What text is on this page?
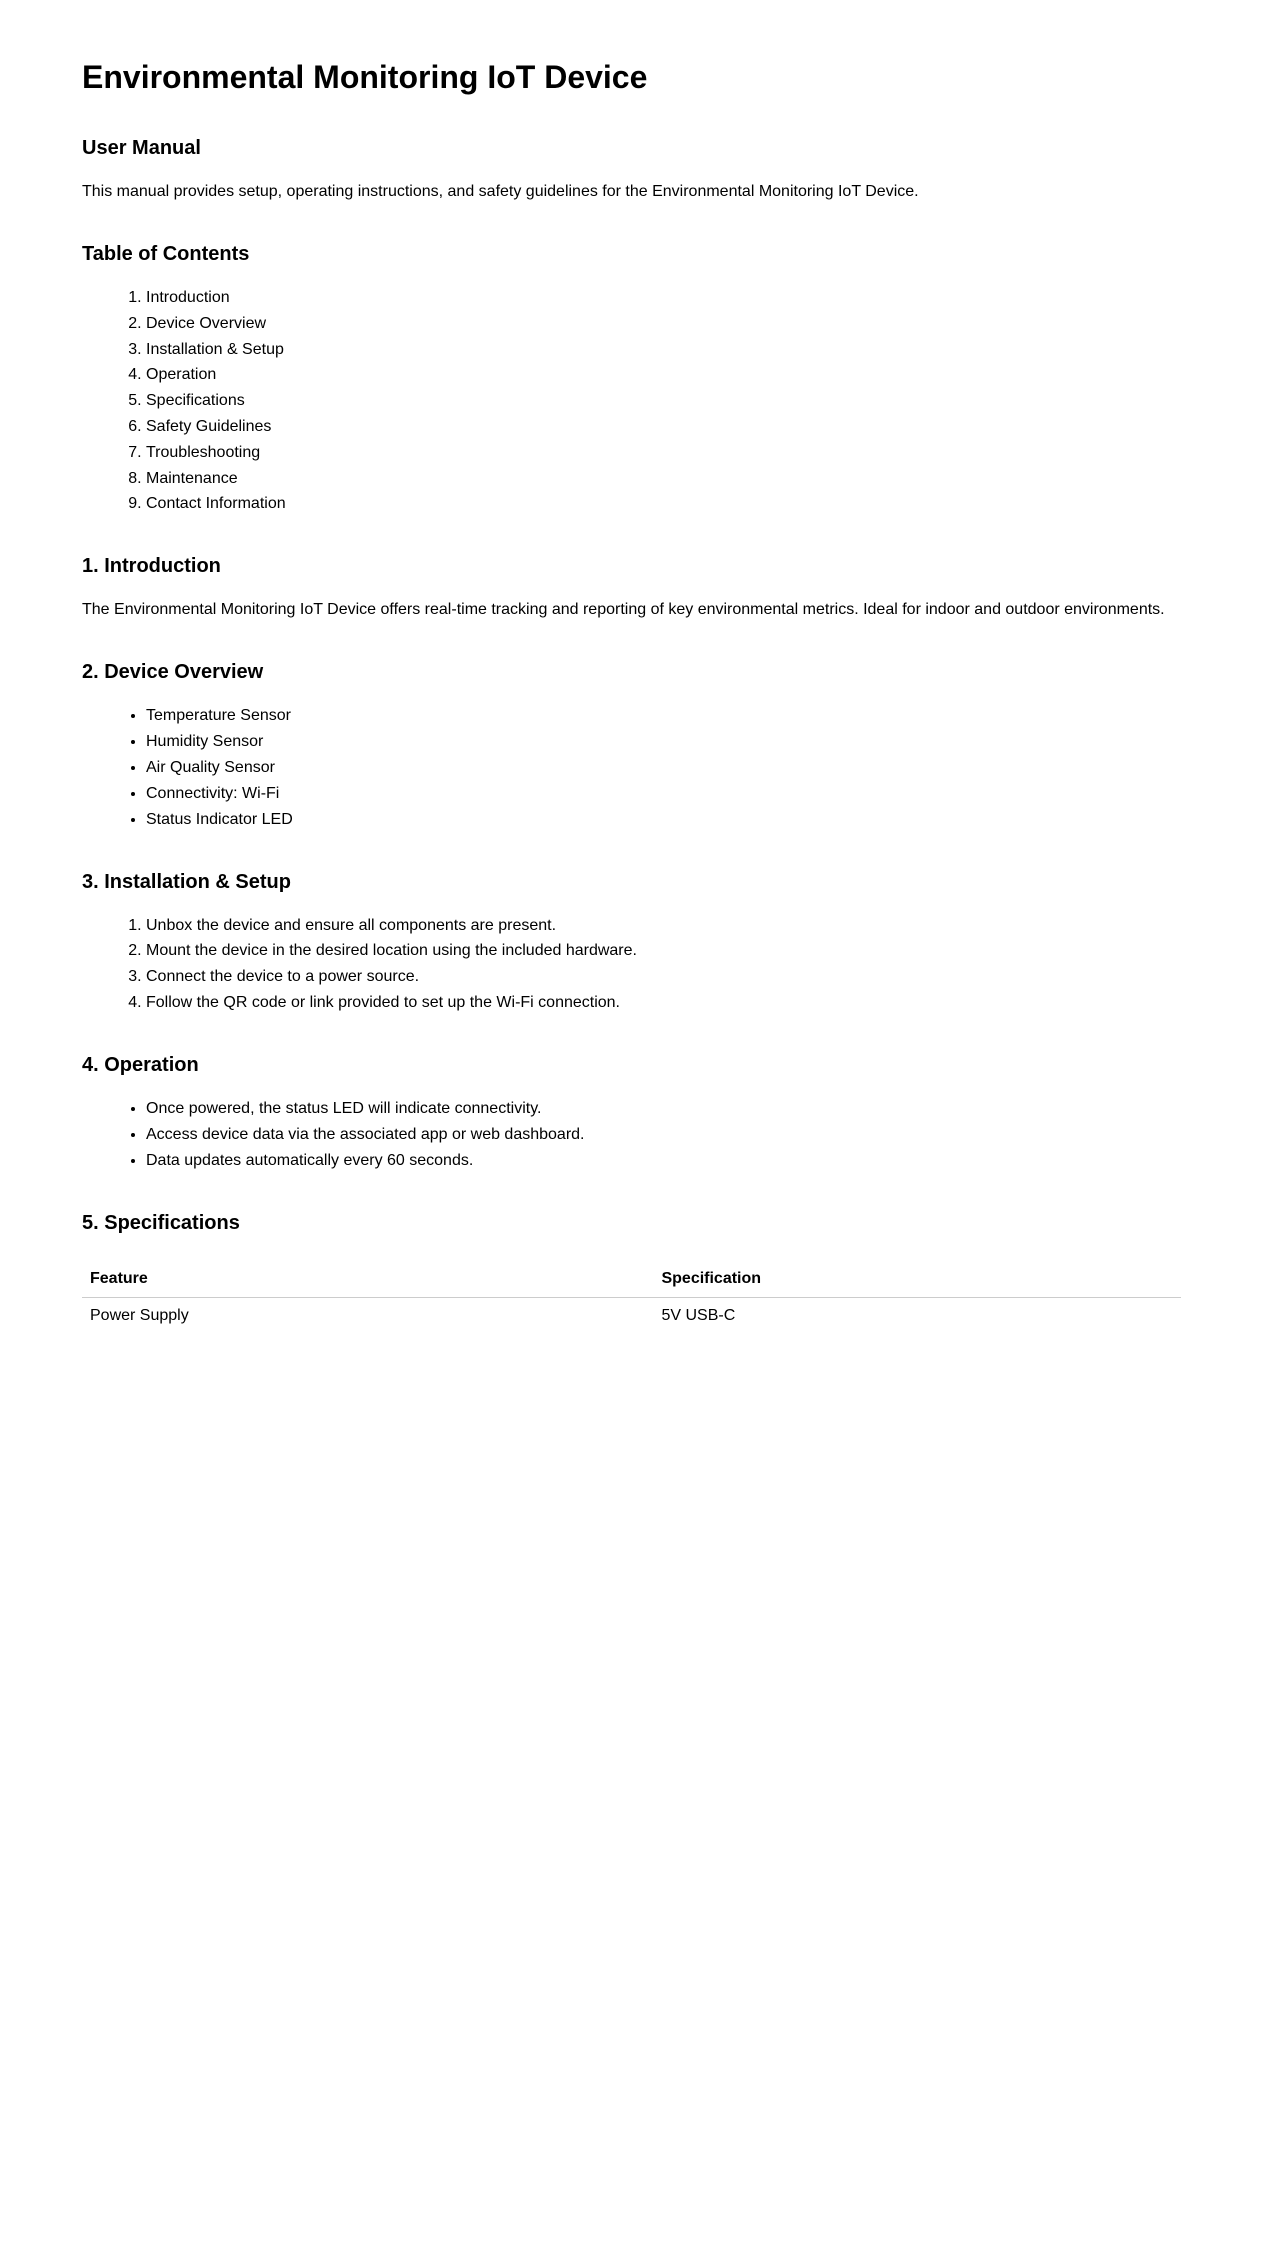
Environmental Monitoring IoT Device
User Manual

This manual provides setup, operating instructions, and safety guidelines for the Environmental Monitoring IoT Device.

Table of Contents
1. Introduction
2. Device Overview
3. Installation & Setup
4. Operation
5. Specifications
6. Safety Guidelines
7. Troubleshooting
8. Maintenance
9. Contact Information
1. Introduction

The Environmental Monitoring IoT Device offers real-time tracking and reporting of key environmental metrics. Ideal for indoor and outdoor environments.

2. Device Overview
• Temperature Sensor
• Humidity Sensor
• Air Quality Sensor
• Connectivity: Wi-Fi
• Status Indicator LED
3. Installation & Setup
1. Unbox the device and ensure all components are present.
2. Mount the device in the desired location using the included hardware.
3. Connect the device to a power source.
4. Follow the QR code or link provided to set up the Wi-Fi connection.
4. Operation
• Once powered, the status LED will indicate connectivity.
• Access device data via the associated app or web dashboard.
• Data updates automatically every 60 seconds.
5. Specifications
Feature	Specification
Power Supply	5V USB-C
